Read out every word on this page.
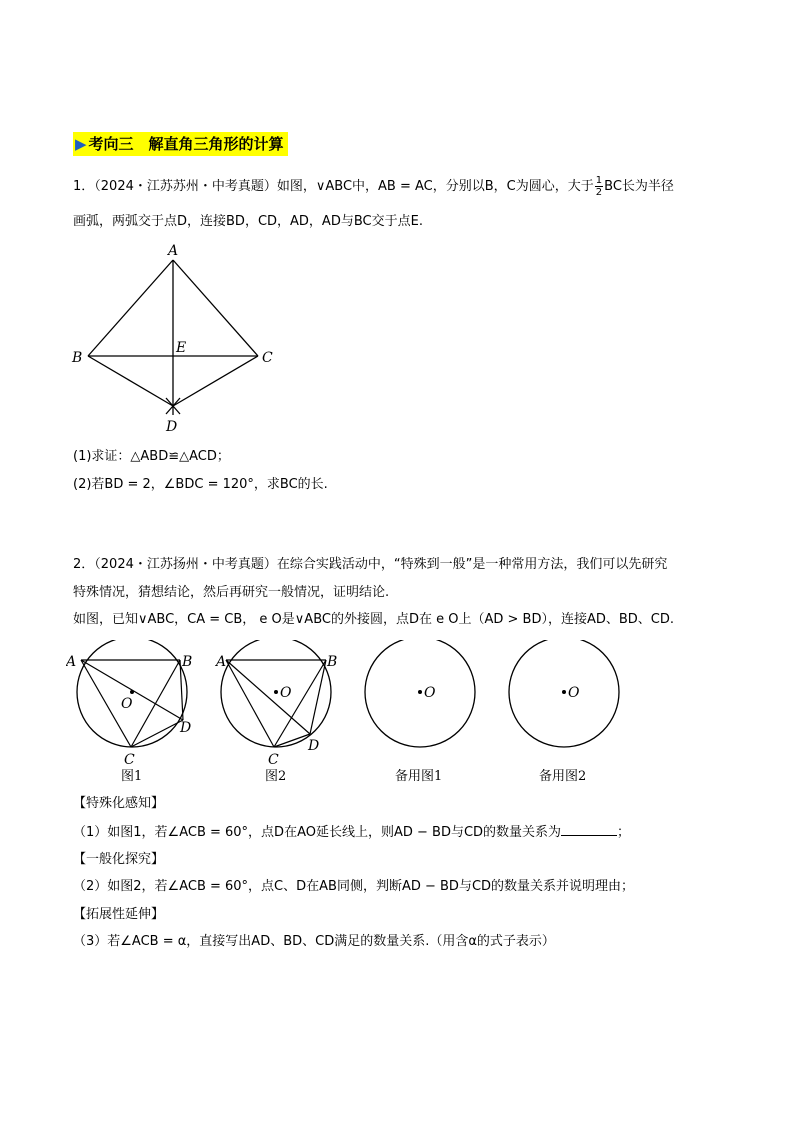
▶ 考向三　解直角三角形的计算
1．（2024・江苏苏州・中考真题）如图，∨ABC中，AB = AC，分别以B，C为圆心，大于 $\frac{1}{2}$ BC长为半径
画弧，两弧交于点D，连接BD，CD，AD，AD与BC交于点E.
A
B	C
D
E
(1)求证：△ABD≌△ACD；
(2)若BD = 2，∠BDC = 120°，求BC的长.
2．（2024・江苏扬州・中考真题）在综合实践活动中，“特殊到一般”是一种常用方法，我们可以先研究
特殊情况，猜想结论，然后再研究一般情况，证明结论.
如图，已知∨ABC，CA = CB， e O是∨ABC的外接圆，点D在 e O上（AD > BD），连接AD、BD、CD.
A	B
C
D
O
图1
A	B
C
D
O
图2
O
备用图1
O
备用图2
【特殊化感知】
（1）如图1，若∠ACB = 60°，点D在AO延长线上，则AD − BD与CD的数量关系为	；
【一般化探究】
（2）如图2，若∠ACB = 60°，点C、D在AB同侧，判断AD − BD与CD的数量关系并说明理由；
【拓展性延伸】
（3）若∠ACB = α，直接写出AD、BD、CD满足的数量关系.（用含α的式子表示）
